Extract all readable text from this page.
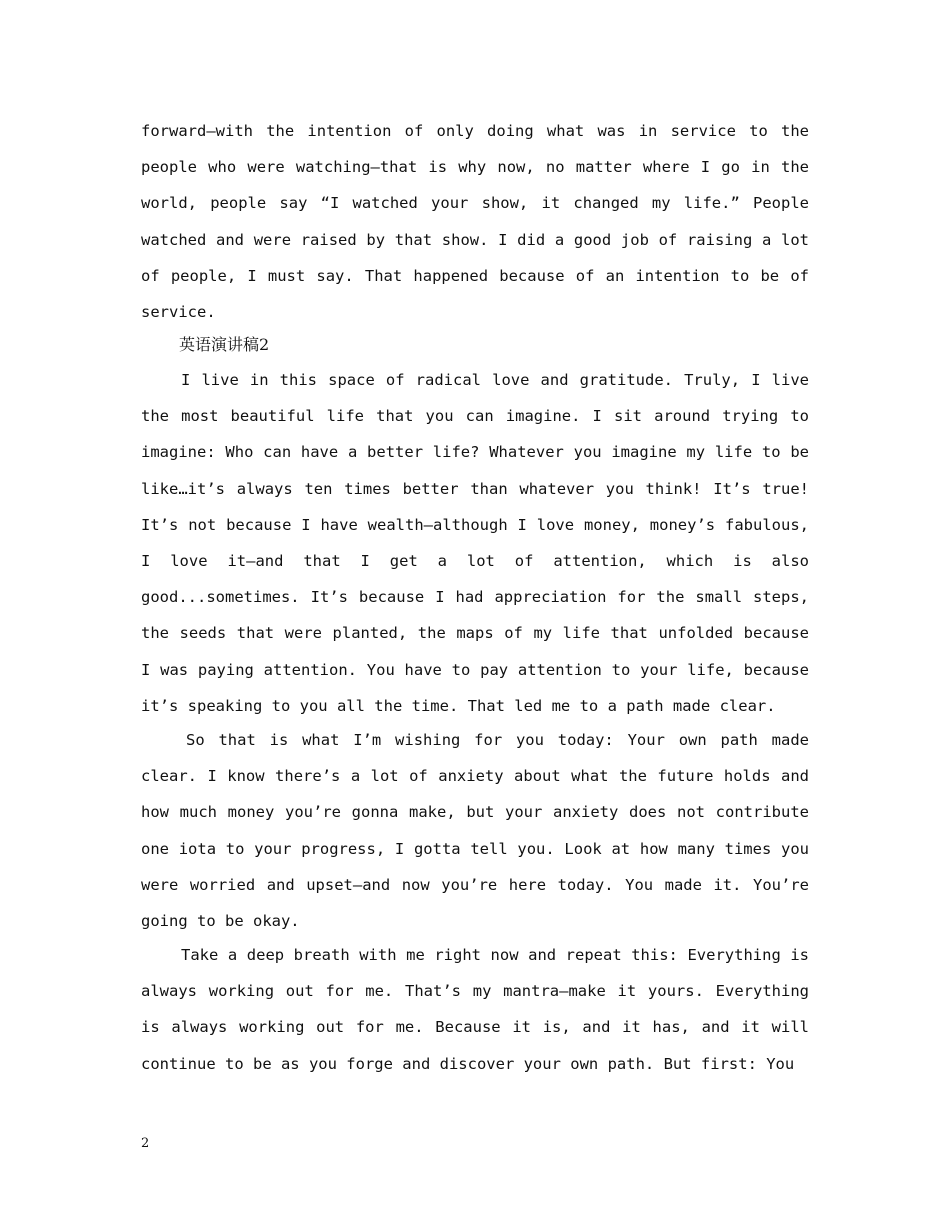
forward—with the intention of only doing what was in service to the people who were watching—that is why now, no matter where I go in the world, people say “I watched your show, it changed my life.” People watched and were raised by that show. I did a good job of raising a lot of people, I must say. That happened because of an intention to be of service.

英语演讲稿2

I live in this space of radical love and gratitude. Truly, I live the most beautiful life that you can imagine. I sit around trying to imagine: Who can have a better life? Whatever you imagine my life to be like…it’s always ten times better than whatever you think! It’s true! It’s not because I have wealth—although I love money, money’s fabulous, I love it—and that I get a lot of attention, which is also good...sometimes. It’s because I had appreciation for the small steps, the seeds that were planted, the maps of my life that unfolded because I was paying attention. You have to pay attention to your life, because it’s speaking to you all the time. That led me to a path made clear.

So that is what I’m wishing for you today: Your own path made clear. I know there’s a lot of anxiety about what the future holds and how much money you’re gonna make, but your anxiety does not contribute one iota to your progress, I gotta tell you. Look at how many times you were worried and upset—and now you’re here today. You made it. You’re going to be okay.

Take a deep breath with me right now and repeat this: Everything is always working out for me. That’s my mantra—make it yours. Everything is always working out for me. Because it is, and it has, and it will continue to be as you forge and discover your own path. But first: You

2
